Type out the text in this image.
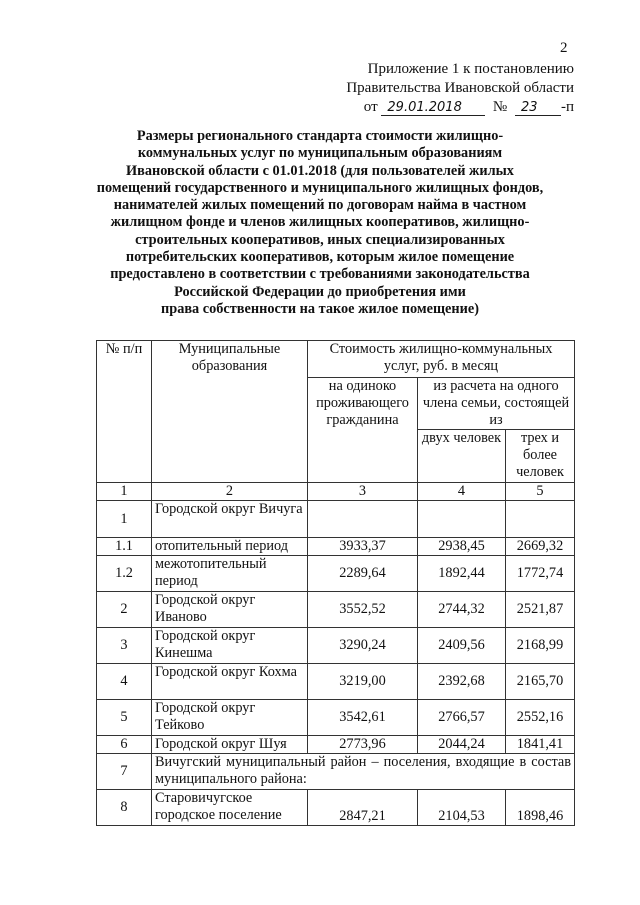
2
Приложение 1 к постановлению
Правительства Ивановской области
от 29.01.2018 № 23 -п
Размеры регионального стандарта стоимости жилищно-
коммунальных услуг по муниципальным образованиям
Ивановской области с 01.01.2018 (для пользователей жилых
помещений государственного и муниципального жилищных фондов,
нанимателей жилых помещений по договорам найма в частном
жилищном фонде и членов жилищных кооперативов, жилищно-
строительных кооперативов, иных специализированных
потребительских кооперативов, которым жилое помещение
предоставлено в соответствии с требованиями законодательства
Российской Федерации до приобретения ими
права собственности на такое жилое помещение)
№ п/п	Муниципальные образования	Стоимость жилищно-коммунальных услуг, руб. в месяц		
		на одиноко проживающего гражданина	из расчета на одного члена семьи, состоящей из	
			двух человек	трех и более человек
1	2	3	4	5
1	Городской округ Вичуга			
1.1	отопительный период	3933,37	2938,45	2669,32
1.2	межотопительный период	2289,64	1892,44	1772,74
2	Городской округ Иваново	3552,52	2744,32	2521,87
3	Городской округ Кинешма	3290,24	2409,56	2168,99
4	Городской округ Кохма	3219,00	2392,68	2165,70
5	Городской округ Тейково	3542,61	2766,57	2552,16
6	Городской округ Шуя	2773,96	2044,24	1841,41
7	Вичугский муниципальный район – поселения, входящие в состав муниципального района:			
8	Старовичугское городское поселение	2847,21	2104,53	1898,46
